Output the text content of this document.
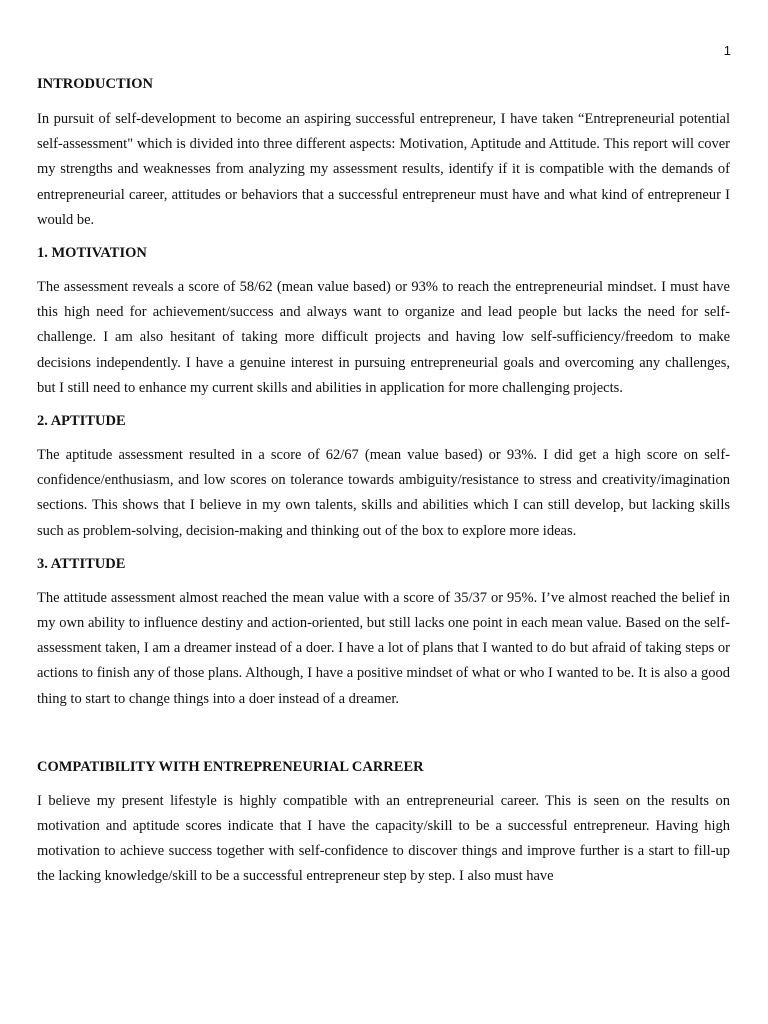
1
INTRODUCTION

In pursuit of self-development to become an aspiring successful entrepreneur, I have taken “Entrepreneurial potential self-assessment" which is divided into three different aspects: Motivation, Aptitude and Attitude. This report will cover my strengths and weaknesses from analyzing my assessment results, identify if it is compatible with the demands of entrepreneurial career, attitudes or behaviors that a successful entrepreneur must have and what kind of entrepreneur I would be.

1. MOTIVATION

The assessment reveals a score of 58/62 (mean value based) or 93% to reach the entrepreneurial mindset. I must have this high need for achievement/success and always want to organize and lead people but lacks the need for self-challenge. I am also hesitant of taking more difficult projects and having low self-sufficiency/freedom to make decisions independently. I have a genuine interest in pursuing entrepreneurial goals and overcoming any challenges, but I still need to enhance my current skills and abilities in application for more challenging projects.

2. APTITUDE

The aptitude assessment resulted in a score of 62/67 (mean value based) or 93%. I did get a high score on self-confidence/enthusiasm, and low scores on tolerance towards ambiguity/resistance to stress and creativity/imagination sections. This shows that I believe in my own talents, skills and abilities which I can still develop, but lacking skills such as problem-solving, decision-making and thinking out of the box to explore more ideas.

3. ATTITUDE

The attitude assessment almost reached the mean value with a score of 35/37 or 95%. I’ve almost reached the belief in my own ability to influence destiny and action-oriented, but still lacks one point in each mean value. Based on the self-assessment taken, I am a dreamer instead of a doer. I have a lot of plans that I wanted to do but afraid of taking steps or actions to finish any of those plans. Although, I have a positive mindset of what or who I wanted to be. It is also a good thing to start to change things into a doer instead of a dreamer.

COMPATIBILITY WITH ENTREPRENEURIAL CARREER

I believe my present lifestyle is highly compatible with an entrepreneurial career. This is seen on the results on motivation and aptitude scores indicate that I have the capacity/skill to be a successful entrepreneur. Having high motivation to achieve success together with self-confidence to discover things and improve further is a start to fill-up the lacking knowledge/skill to be a successful entrepreneur step by step. I also must have
